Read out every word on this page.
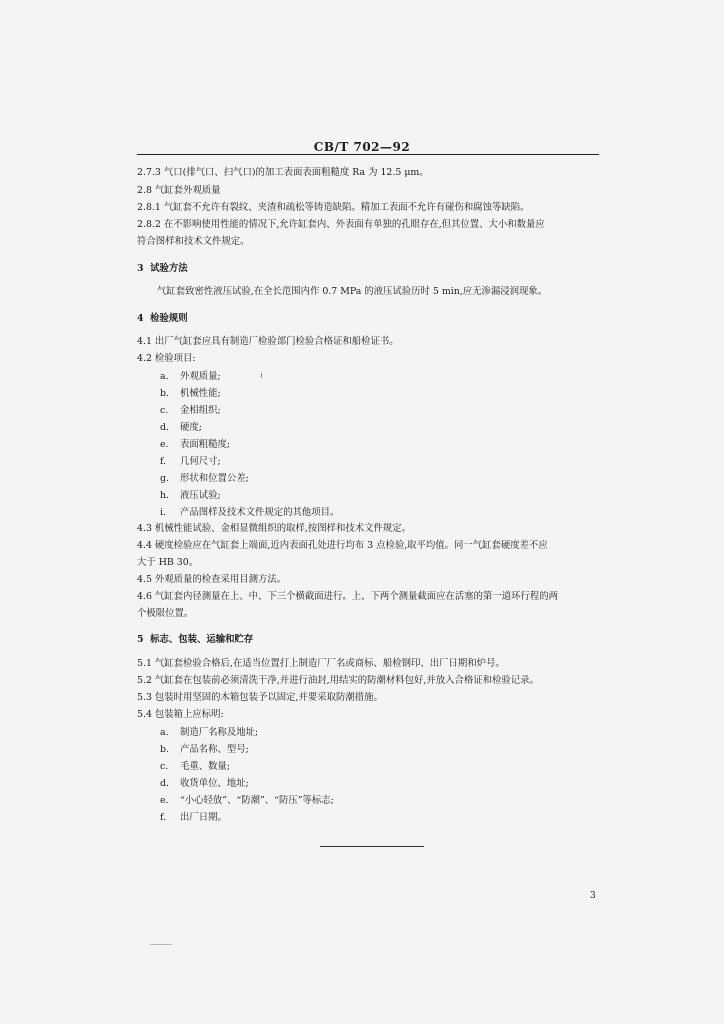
CB/T 702—92
2.7.3 气口(排气口、扫气口)的加工表面表面粗糙度 Ra 为 12.5 μm。
2.8 气缸套外观质量
2.8.1 气缸套不允许有裂纹、夹渣和疏松等铸造缺陷。精加工表面不允许有碰伤和腐蚀等缺陷。
2.8.2 在不影响使用性能的情况下,允许缸套内、外表面有单独的孔眼存在,但其位置、大小和数量应
符合图样和技术文件规定。
3 试验方法
气缸套致密性液压试验,在全长范围内作 0.7 MPa 的液压试验历时 5 min,应无渗漏浸润现象。
4 检验规则
4.1 出厂气缸套应具有制造厂检验部门检验合格证和船检证书。
4.2 检验项目:
a. 外观质量;
b. 机械性能;
c. 金相组织;
d. 硬度;
e. 表面粗糙度;
f. 几何尺寸;
g. 形状和位置公差;
h. 液压试验;
i. 产品图样及技术文件规定的其他项目。
4.3 机械性能试验、金相显微组织的取样,按图样和技术文件规定。
4.4 硬度检验应在气缸套上端面,近内表面孔处进行均布 3 点检验,取平均值。同一气缸套硬度差不应
大于 HB 30。
4.5 外观质量的检查采用目测方法。
4.6 气缸套内径测量在上、中、下三个横截面进行。上、下两个测量截面应在活塞的第一道环行程的两
个极限位置。
5 标志、包装、运输和贮存
5.1 气缸套检验合格后,在适当位置打上制造厂厂名或商标、船检钢印、出厂日期和炉号。
5.2 气缸套在包装前必须清洗干净,并进行油封,用结实的防潮材料包好,并放入合格证和检验记录。
5.3 包装时用坚固的木箱包装予以固定,并要采取防潮措施。
5.4 包装箱上应标明:
a. 制造厂名称及地址;
b. 产品名称、型号;
c. 毛重、数量;
d. 收货单位、地址;
e. “小心轻放”、“防潮”、“防压”等标志;
f. 出厂日期。
3
